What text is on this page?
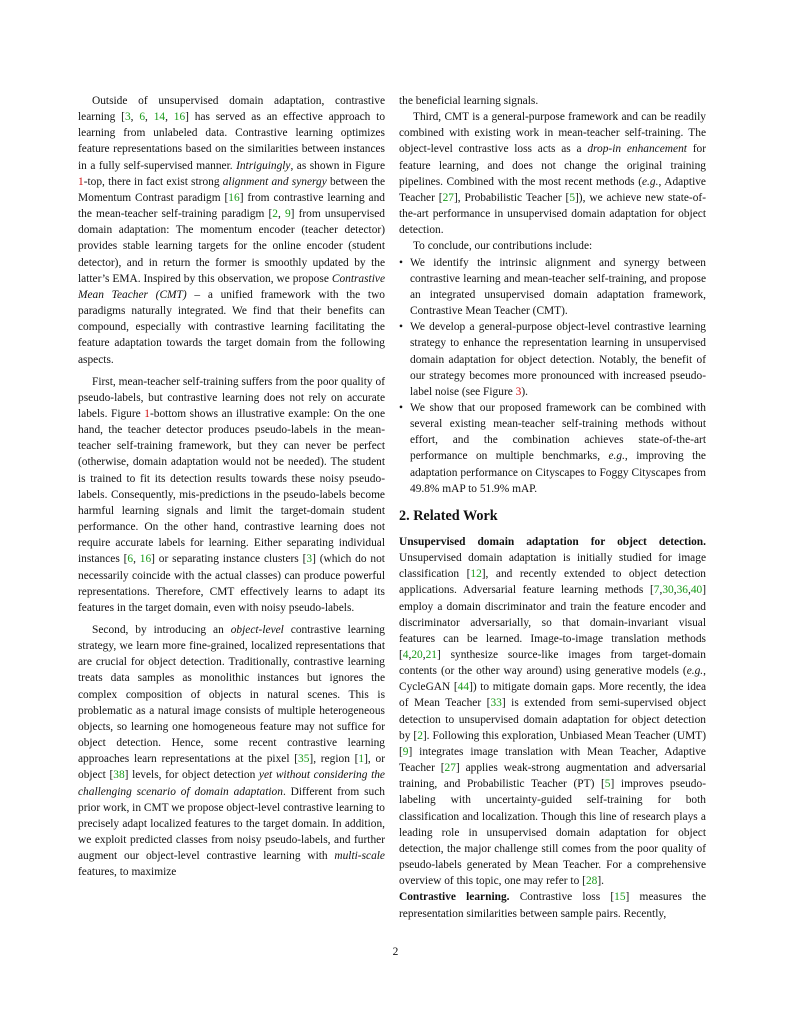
Outside of unsupervised domain adaptation, contrastive learning [3, 6, 14, 16] has served as an effective approach to learning from unlabeled data. Contrastive learning optimizes feature representations based on the similarities between instances in a fully self-supervised manner. Intriguingly, as shown in Figure 1-top, there in fact exist strong alignment and synergy between the Momentum Contrast paradigm [16] from contrastive learning and the mean-teacher self-training paradigm [2, 9] from unsupervised domain adaptation: The momentum encoder (teacher detector) provides stable learning targets for the online encoder (student detector), and in return the former is smoothly updated by the latter’s EMA. Inspired by this observation, we propose Contrastive Mean Teacher (CMT) – a unified framework with the two paradigms naturally integrated. We find that their benefits can compound, especially with contrastive learning facilitating the feature adaptation towards the target domain from the following aspects.

First, mean-teacher self-training suffers from the poor quality of pseudo-labels, but contrastive learning does not rely on accurate labels. Figure 1-bottom shows an illustrative example: On the one hand, the teacher detector produces pseudo-labels in the mean-teacher self-training framework, but they can never be perfect (otherwise, domain adaptation would not be needed). The student is trained to fit its detection results towards these noisy pseudo-labels. Consequently, mis-predictions in the pseudo-labels become harmful learning signals and limit the target-domain student performance. On the other hand, contrastive learning does not require accurate labels for learning. Either separating individual instances [6, 16] or separating instance clusters [3] (which do not necessarily coincide with the actual classes) can produce powerful representations. Therefore, CMT effectively learns to adapt its features in the target domain, even with noisy pseudo-labels.

Second, by introducing an object-level contrastive learning strategy, we learn more fine-grained, localized representations that are crucial for object detection. Traditionally, contrastive learning treats data samples as monolithic instances but ignores the complex composition of objects in natural scenes. This is problematic as a natural image consists of multiple heterogeneous objects, so learning one homogeneous feature may not suffice for object detection. Hence, some recent contrastive learning approaches learn representations at the pixel [35], region [1], or object [38] levels, for object detection yet without considering the challenging scenario of domain adaptation. Different from such prior work, in CMT we propose object-level contrastive learning to precisely adapt localized features to the target domain. In addition, we exploit predicted classes from noisy pseudo-labels, and further augment our object-level contrastive learning with multi-scale features, to maximize

the beneficial learning signals.

Third, CMT is a general-purpose framework and can be readily combined with existing work in mean-teacher self-training. The object-level contrastive loss acts as a drop-in enhancement for feature learning, and does not change the original training pipelines. Combined with the most recent methods (e.g., Adaptive Teacher [27], Probabilistic Teacher [5]), we achieve new state-of-the-art performance in unsupervised domain adaptation for object detection.

To conclude, our contributions include:

• We identify the intrinsic alignment and synergy between contrastive learning and mean-teacher self-training, and propose an integrated unsupervised domain adaptation framework, Contrastive Mean Teacher (CMT).
• We develop a general-purpose object-level contrastive learning strategy to enhance the representation learning in unsupervised domain adaptation for object detection. Notably, the benefit of our strategy becomes more pronounced with increased pseudo-label noise (see Figure 3).
• We show that our proposed framework can be combined with several existing mean-teacher self-training methods without effort, and the combination achieves state-of-the-art performance on multiple benchmarks, e.g., improving the adaptation performance on Cityscapes to Foggy Cityscapes from 49.8% mAP to 51.9% mAP.
2. Related Work

Unsupervised domain adaptation for object detection. Unsupervised domain adaptation is initially studied for image classification [12], and recently extended to object detection applications. Adversarial feature learning methods [7,30,36,40] employ a domain discriminator and train the feature encoder and discriminator adversarially, so that domain-invariant visual features can be learned. Image-to-image translation methods [4,20,21] synthesize source-like images from target-domain contents (or the other way around) using generative models (e.g., CycleGAN [44]) to mitigate domain gaps. More recently, the idea of Mean Teacher [33] is extended from semi-supervised object detection to unsupervised domain adaptation for object detection by [2]. Following this exploration, Unbiased Mean Teacher (UMT) [9] integrates image translation with Mean Teacher, Adaptive Teacher [27] applies weak-strong augmentation and adversarial training, and Probabilistic Teacher (PT) [5] improves pseudo-labeling with uncertainty-guided self-training for both classification and localization. Though this line of research plays a leading role in unsupervised domain adaptation for object detection, the major challenge still comes from the poor quality of pseudo-labels generated by Mean Teacher. For a comprehensive overview of this topic, one may refer to [28].

Contrastive learning. Contrastive loss [15] measures the representation similarities between sample pairs. Recently,

2
